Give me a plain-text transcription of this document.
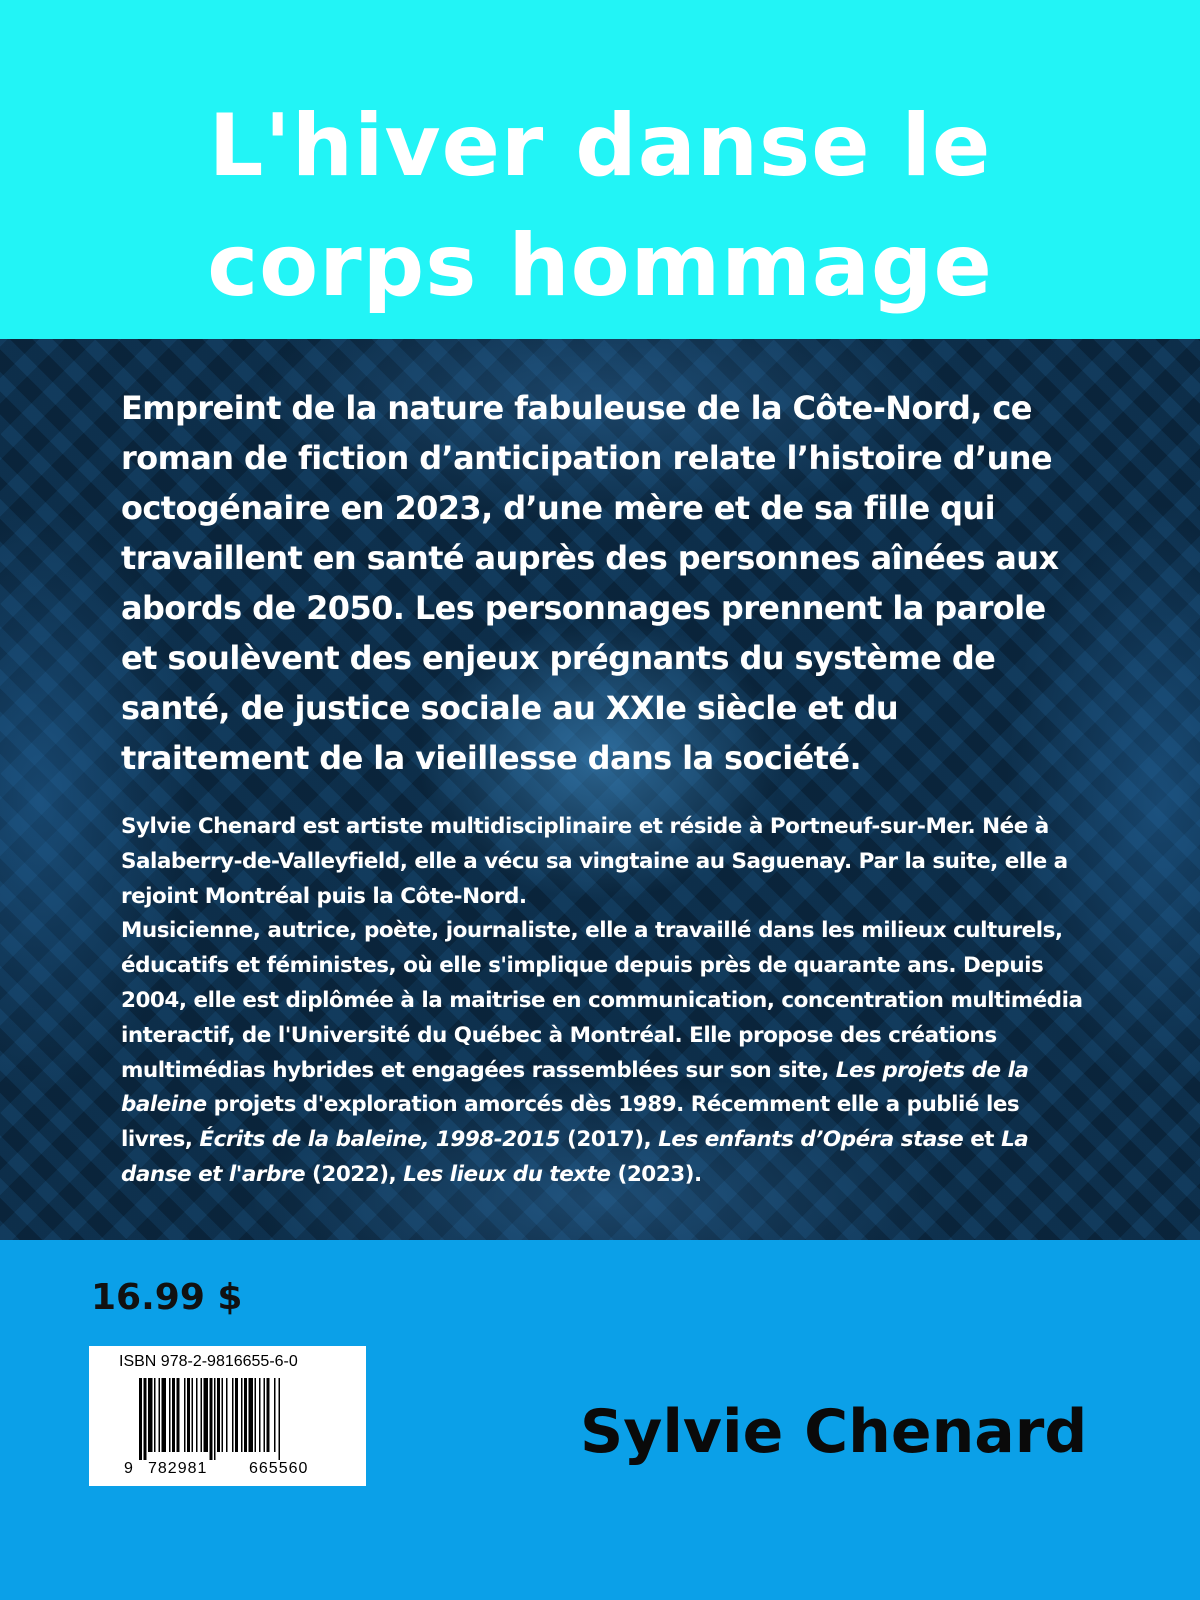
L'hiver danse le
corps hommage

Empreint de la nature fabuleuse de la Côte-Nord, ce roman de fiction d’anticipation relate l’histoire d’une octogénaire en 2023, d’une mère et de sa fille qui travaillent en santé auprès des personnes aînées aux abords de 2050. Les personnages prennent la parole et soulèvent des enjeux prégnants du système de santé, de justice sociale au XXIe siècle et du traitement de la vieillesse dans la société.

Sylvie Chenard est artiste multidisciplinaire et réside à Portneuf-sur-Mer. Née à Salaberry-de-Valleyfield, elle a vécu sa vingtaine au Saguenay. Par la suite, elle a rejoint Montréal puis la Côte-Nord.

Musicienne, autrice, poète, journaliste, elle a travaillé dans les milieux culturels, éducatifs et féministes, où elle s'implique depuis près de quarante ans. Depuis 2004, elle est diplômée à la maitrise en communication, concentration multimédia interactif, de l'Université du Québec à Montréal. Elle propose des créations multimédias hybrides et engagées rassemblées sur son site, Les projets de la baleine projets d'exploration amorcés dès 1989. Récemment elle a publié les livres, Écrits de la baleine, 1998-2015 (2017), Les enfants d’Opéra stase et La danse et l'arbre (2022), Les lieux du texte (2023).

16.99 $
ISBN 978-2-9816655-6-0
9 782981	665560
Sylvie Chenard
